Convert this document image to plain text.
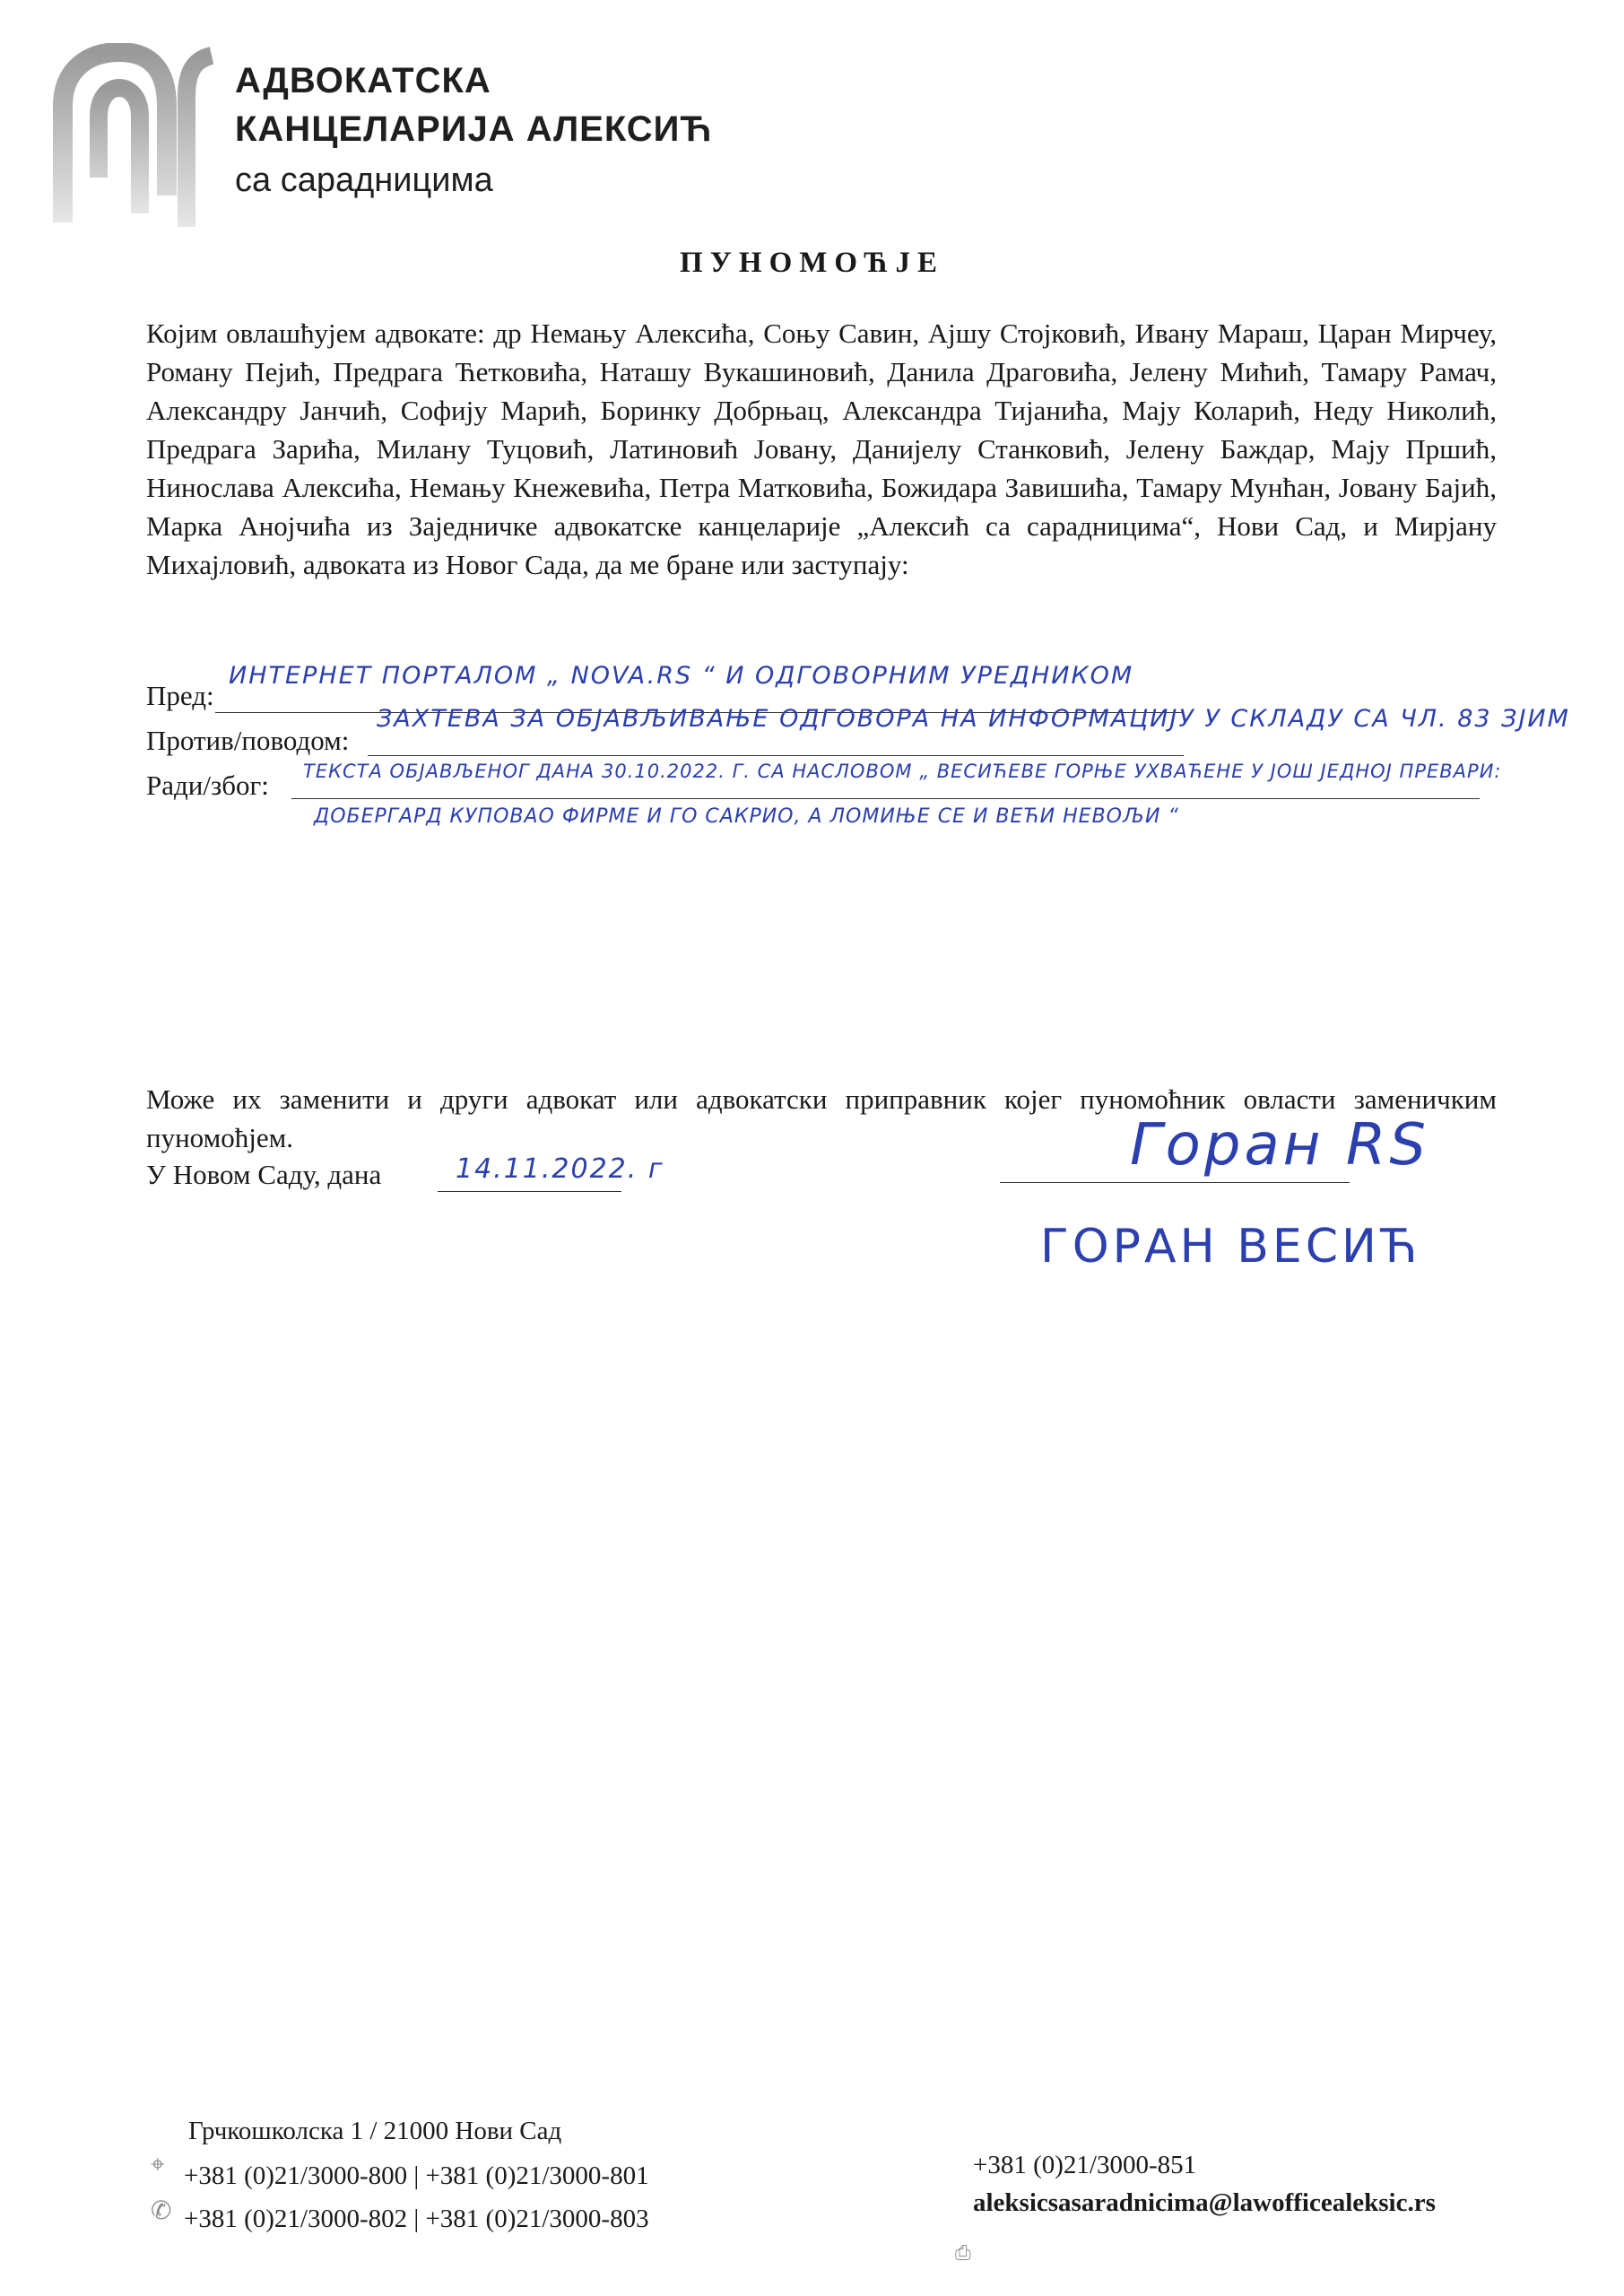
АДВОКАТСКА
КАНЦЕЛАРИЈА АЛЕКСИЋ
са сарадницима
ПУНОМОЋЈЕ
Којим овлашћујем адвокате: др Немању Алексића, Соњу Савин, Ајшу Стојковић, Ивану Мараш, Царан Мирчеу, Роману Пејић, Предрага Ћетковића, Наташу Вукашиновић, Данила Драговића, Јелену Мићић, Тамару Рамач, Александру Јанчић, Софију Марић, Боринку Добрњац, Александра Тијанића, Мају Коларић, Неду Николић, Предрага Зарића, Милану Туцовић, Латиновић Јовану, Данијелу Станковић, Јелену Баждар, Мају Пршић, Нинослава Алексића, Немању Кнежевића, Петра Матковића, Божидара Завишића, Тамару Мунћан, Јовану Бајић, Марка Анојчића из Заједничке адвокатске канцеларије „Алексић са сарадницима“, Нови Сад, и Мирјану Михајловић, адвоката из Новог Сада, да ме бране или заступају:
Пред:
ИНТЕРНЕТ ПОРТАЛОМ „ NOVA.RS “ И ОДГОВОРНИМ УРЕДНИКОМ
Против/поводом:
ЗАХТЕВА ЗА ОБЈАВЉИВАЊЕ ОДГОВОРА НА ИНФОРМАЦИЈУ У СКЛАДУ СА ЧЛ. 83 ЗЈИМ
Ради/због: ТЕКСТА ОБЈАВЉЕНОГ ДАНА 30.10.2022. Г. СА НАСЛОВОМ „ ВЕСИЋЕВЕ ГОРЊЕ УХВАЋЕНЕ У ЈОШ ЈЕДНОЈ ПРЕВАРИ:
ДОБЕРГАРД КУПОВАО ФИРМЕ И ГО САКРИО, А ЛОМИЊЕ СЕ И ВЕЋИ НЕВОЉИ “
Може их заменити и други адвокат или адвокатски приправник којег пуномоћник овласти заменичким пуномоћјем.
У Новом Саду, дана	14.11.2022. г	Горан RS
ГОРАН ВЕСИЋ
Грчкошколска 1 / 21000 Нови Сад
⌖ +381 (0)21/3000-800 | +381 (0)21/3000-801
✆ +381 (0)21/3000-802 | +381 (0)21/3000-803
+381 (0)21/3000-851
aleksicsasaradnicima@lawofficealeksic.rs
⎙
